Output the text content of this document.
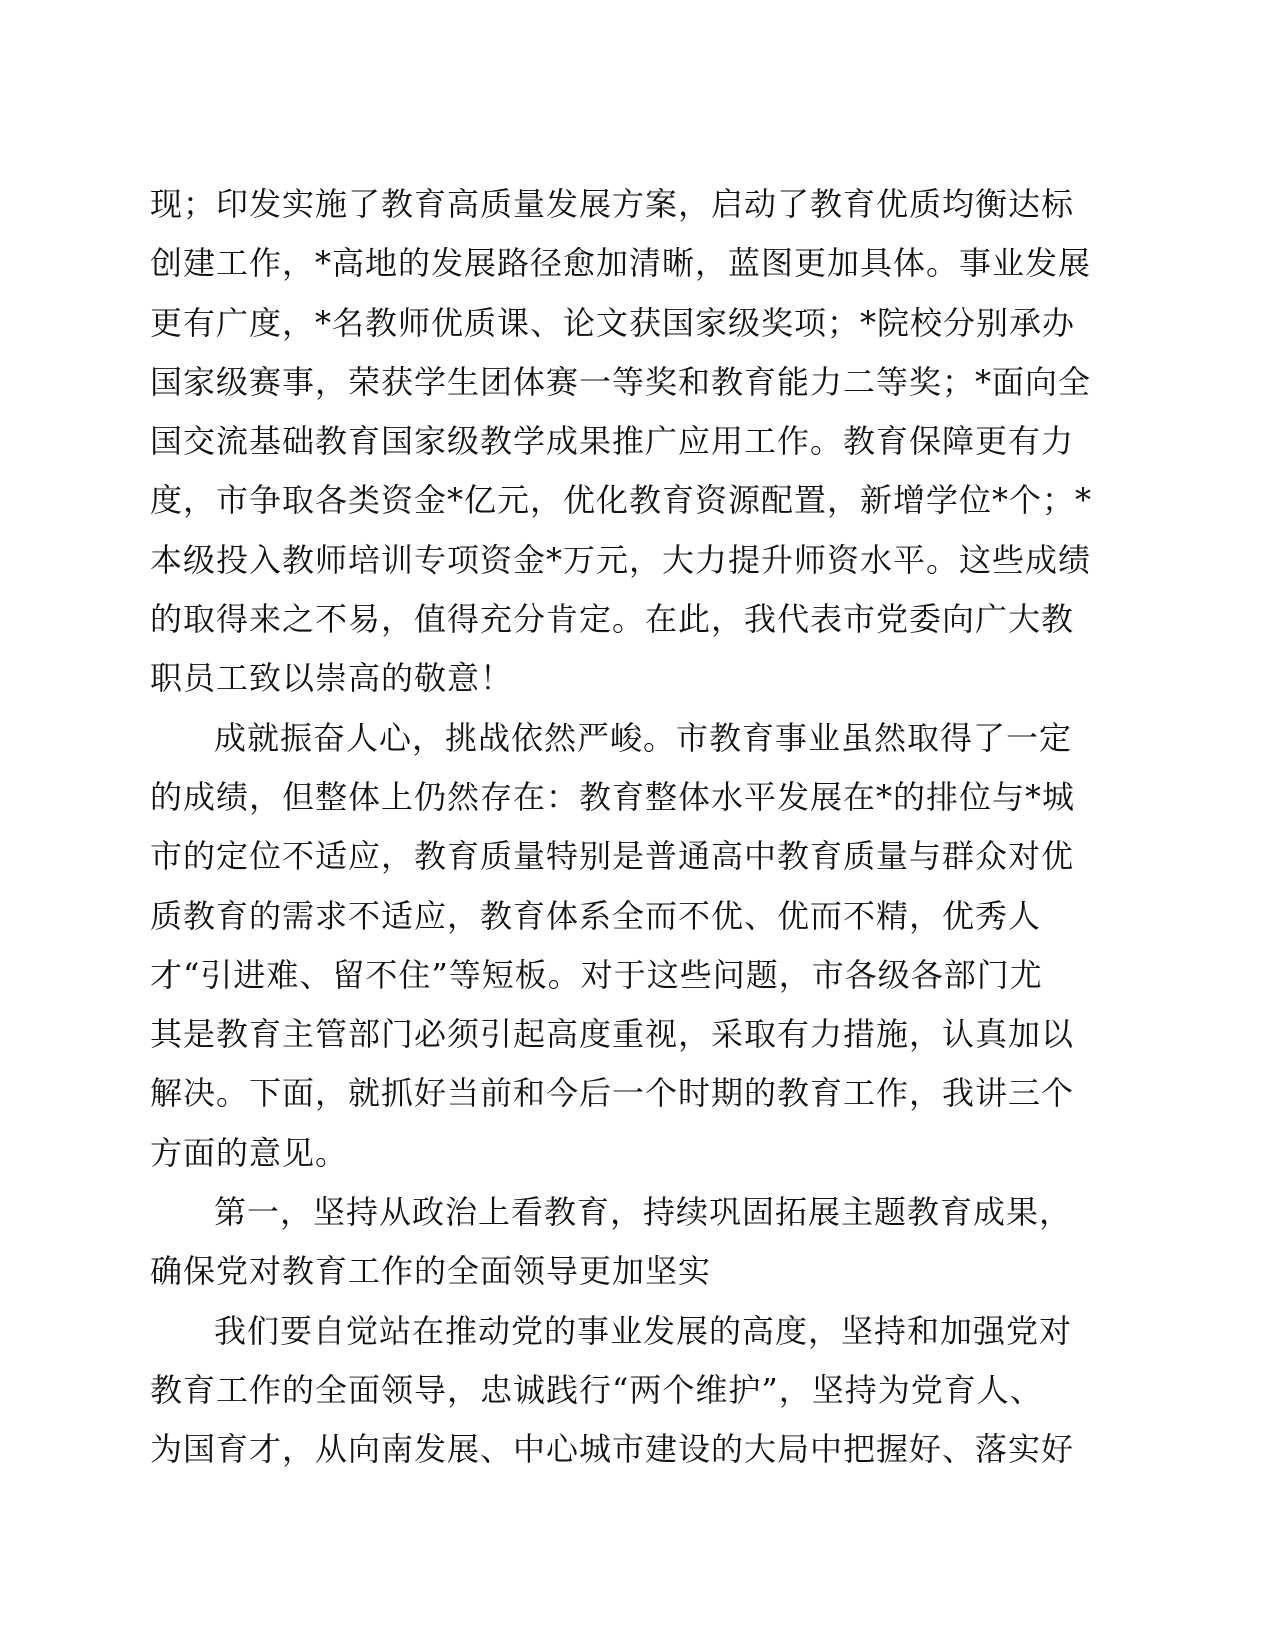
现；印发实施了教育高质量发展方案，启动了教育优质均衡达标
创建工作，*高地的发展路径愈加清晰，蓝图更加具体。事业发展
更有广度，*名教师优质课、论文获国家级奖项；*院校分别承办
国家级赛事，荣获学生团体赛一等奖和教育能力二等奖；*面向全
国交流基础教育国家级教学成果推广应用工作。教育保障更有力
度，市争取各类资金*亿元，优化教育资源配置，新增学位*个；*
本级投入教师培训专项资金*万元，大力提升师资水平。这些成绩
的取得来之不易，值得充分肯定。在此，我代表市党委向广大教
职员工致以崇高的敬意！
成就振奋人心，挑战依然严峻。市教育事业虽然取得了一定
的成绩，但整体上仍然存在：教育整体水平发展在*的排位与*城
市的定位不适应，教育质量特别是普通高中教育质量与群众对优
质教育的需求不适应，教育体系全而不优、优而不精，优秀人
才“引进难、留不住”等短板。对于这些问题，市各级各部门尤
其是教育主管部门必须引起高度重视，采取有力措施，认真加以
解决。下面，就抓好当前和今后一个时期的教育工作，我讲三个
方面的意见。
第一，坚持从政治上看教育，持续巩固拓展主题教育成果，
确保党对教育工作的全面领导更加坚实
我们要自觉站在推动党的事业发展的高度，坚持和加强党对
教育工作的全面领导，忠诚践行“两个维护”，坚持为党育人、
为国育才，从向南发展、中心城市建设的大局中把握好、落实好
